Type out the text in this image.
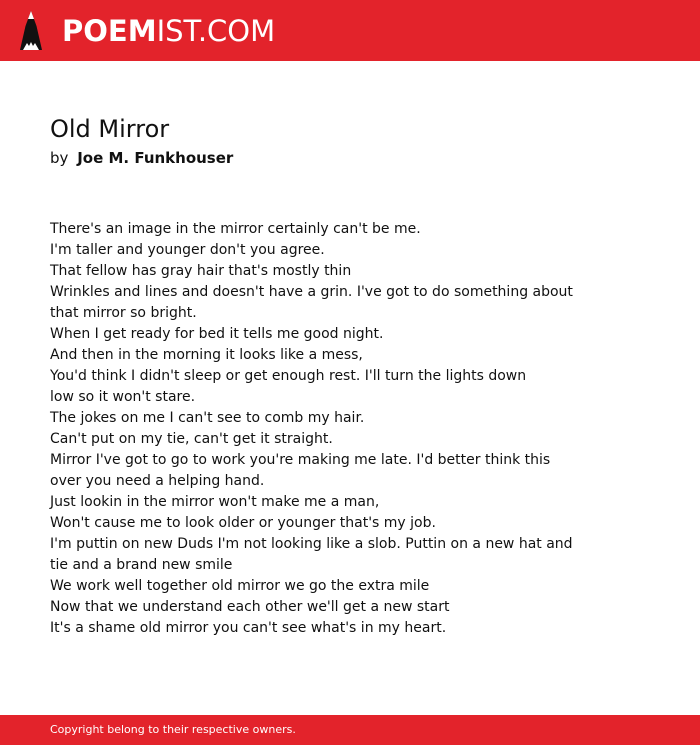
POEMIST.COM
Old Mirror
by Joe M. Funkhouser
There's an image in the mirror certainly can't be me.
I'm taller and younger don't you agree.
That fellow has gray hair that's mostly thin
Wrinkles and lines and doesn't have a grin. I've got to do something about
that mirror so bright.
When I get ready for bed it tells me good night.
And then in the morning it looks like a mess,
You'd think I didn't sleep or get enough rest. I'll turn the lights down
low so it won't stare.
The jokes on me I can't see to comb my hair.
Can't put on my tie, can't get it straight.
Mirror I've got to go to work you're making me late. I'd better think this
over you need a helping hand.
Just lookin in the mirror won't make me a man,
Won't cause me to look older or younger that's my job.
I'm puttin on new Duds I'm not looking like a slob. Puttin on a new hat and
tie and a brand new smile
We work well together old mirror we go the extra mile
Now that we understand each other we'll get a new start
It's a shame old mirror you can't see what's in my heart.
Copyright belong to their respective owners.
